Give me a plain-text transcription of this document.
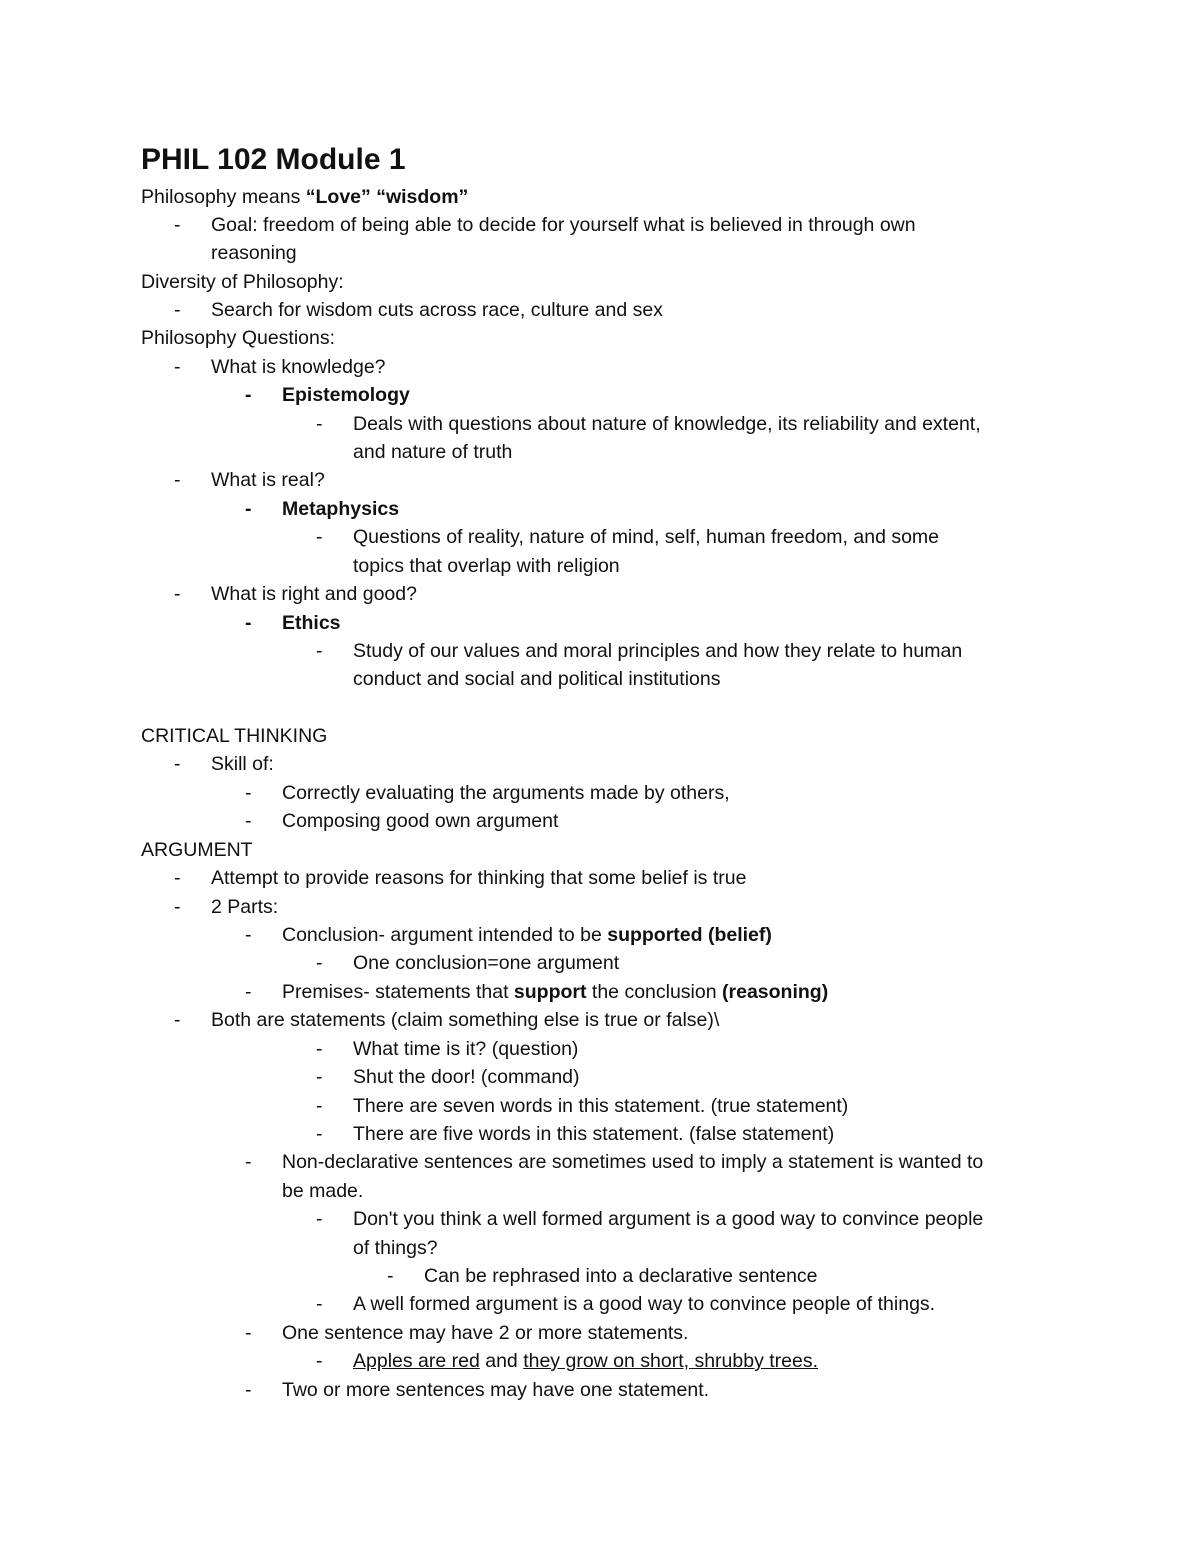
PHIL 102 Module 1
Philosophy means “Love” “wisdom”
- Goal: freedom of being able to decide for yourself what is believed in through own
reasoning
Diversity of Philosophy:
- Search for wisdom cuts across race, culture and sex
Philosophy Questions:
- What is knowledge?
- Epistemology
- Deals with questions about nature of knowledge, its reliability and extent,
and nature of truth
- What is real?
- Metaphysics
- Questions of reality, nature of mind, self, human freedom, and some
topics that overlap with religion
- What is right and good?
- Ethics
- Study of our values and moral principles and how they relate to human
conduct and social and political institutions
CRITICAL THINKING
- Skill of:
- Correctly evaluating the arguments made by others,
- Composing good own argument
ARGUMENT
- Attempt to provide reasons for thinking that some belief is true
- 2 Parts:
- Conclusion- argument intended to be supported (belief)
- One conclusion=one argument
- Premises- statements that support the conclusion (reasoning)
- Both are statements (claim something else is true or false)\
- What time is it? (question)
- Shut the door! (command)
- There are seven words in this statement. (true statement)
- There are five words in this statement. (false statement)
- Non-declarative sentences are sometimes used to imply a statement is wanted to
be made.
- Don't you think a well formed argument is a good way to convince people
of things?
- Can be rephrased into a declarative sentence
- A well formed argument is a good way to convince people of things.
- One sentence may have 2 or more statements.
- Apples are red and they grow on short, shrubby trees.
- Two or more sentences may have one statement.
